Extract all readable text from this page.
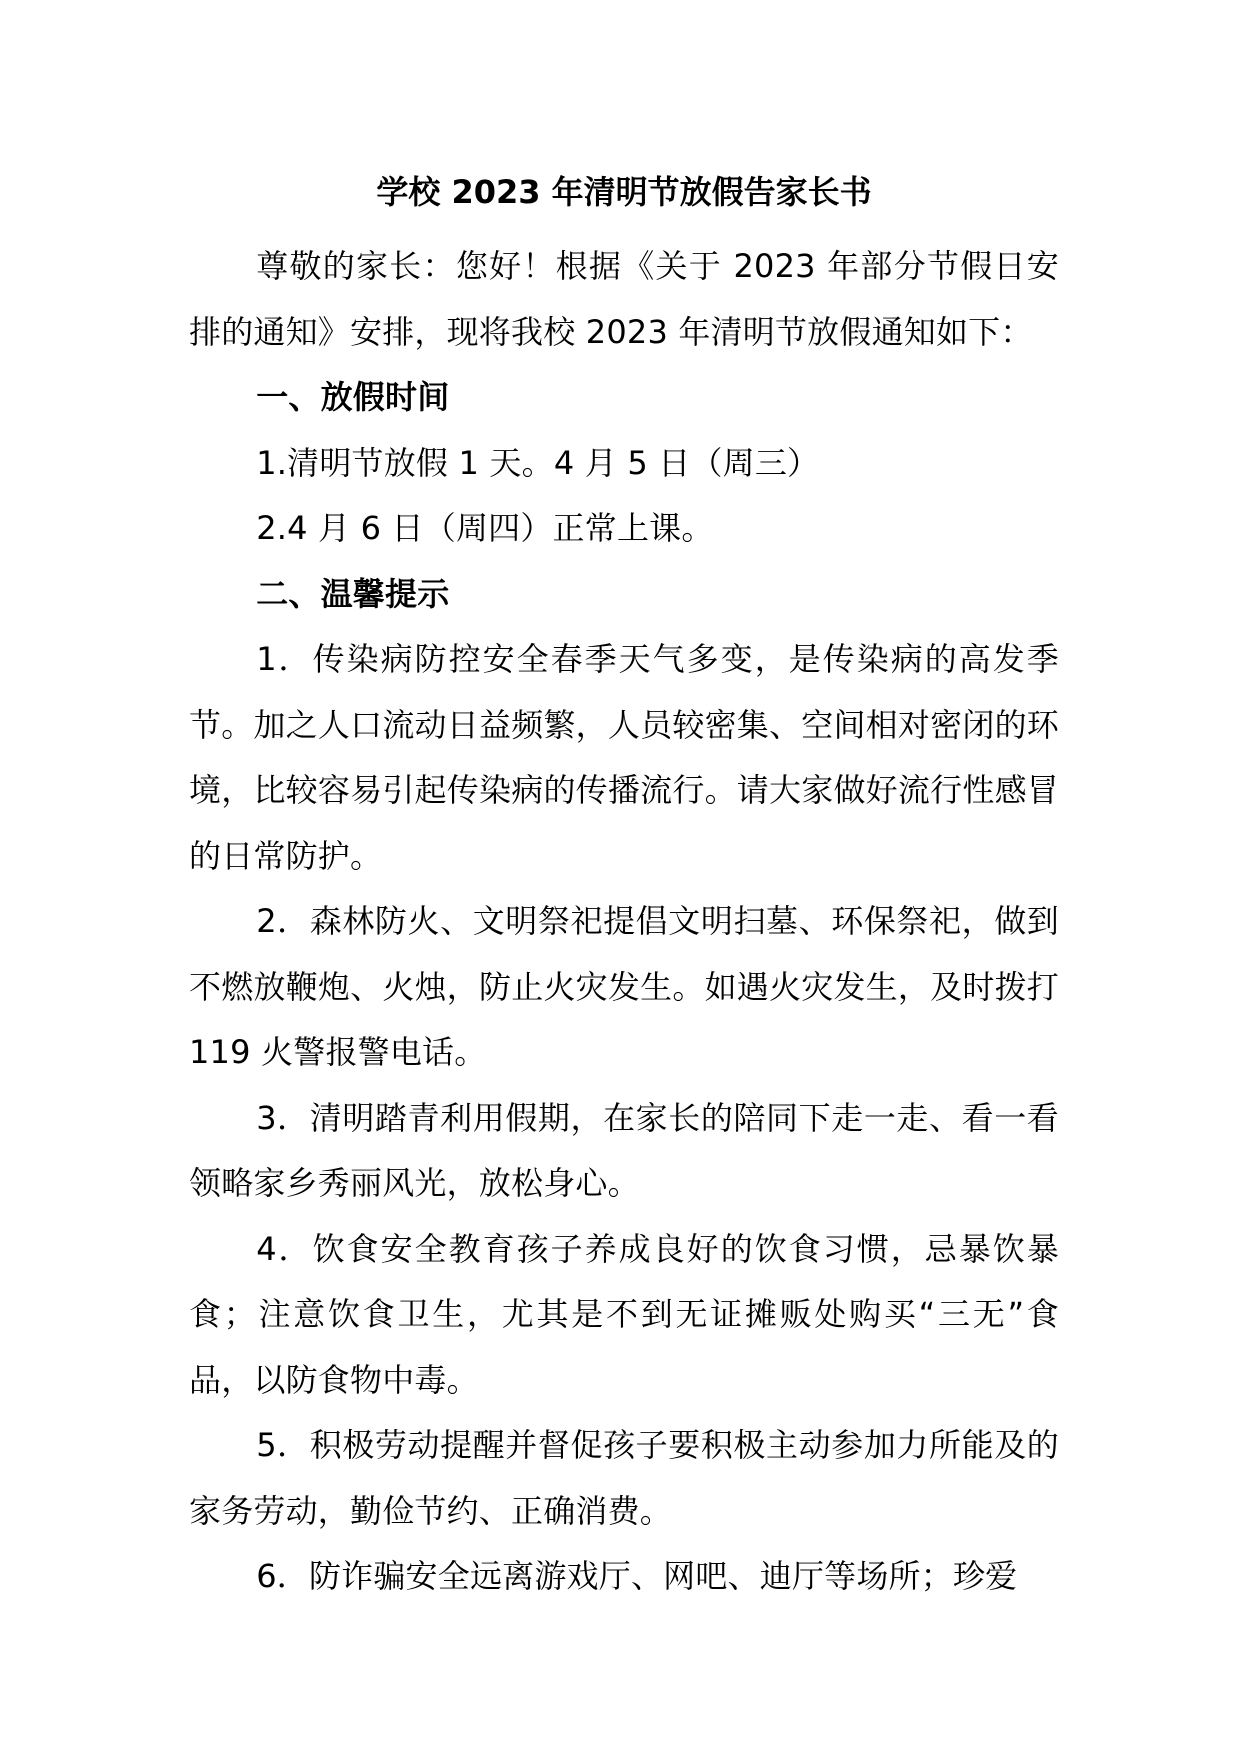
学校 2023 年清明节放假告家长书

尊敬的家长：您好！根据《关于 2023 年部分节假日安排的通知》安排，现将我校 2023 年清明节放假通知如下：

一、放假时间

1.清明节放假 1 天。4 月 5 日（周三）

2.4 月 6 日（周四）正常上课。

二、温馨提示

1．传染病防控安全春季天气多变，是传染病的高发季节。加之人口流动日益频繁，人员较密集、空间相对密闭的环境，比较容易引起传染病的传播流行。请大家做好流行性感冒的日常防护。

2．森林防火、文明祭祀提倡文明扫墓、环保祭祀，做到不燃放鞭炮、火烛，防止火灾发生。如遇火灾发生，及时拨打 119 火警报警电话。

3．清明踏青利用假期，在家长的陪同下走一走、看一看领略家乡秀丽风光，放松身心。

4．饮食安全教育孩子养成良好的饮食习惯，忌暴饮暴食；注意饮食卫生，尤其是不到无证摊贩处购买“三无”食品，以防食物中毒。

5．积极劳动提醒并督促孩子要积极主动参加力所能及的家务劳动，勤俭节约、正确消费。

6．防诈骗安全远离游戏厅、网吧、迪厅等场所；珍爱
